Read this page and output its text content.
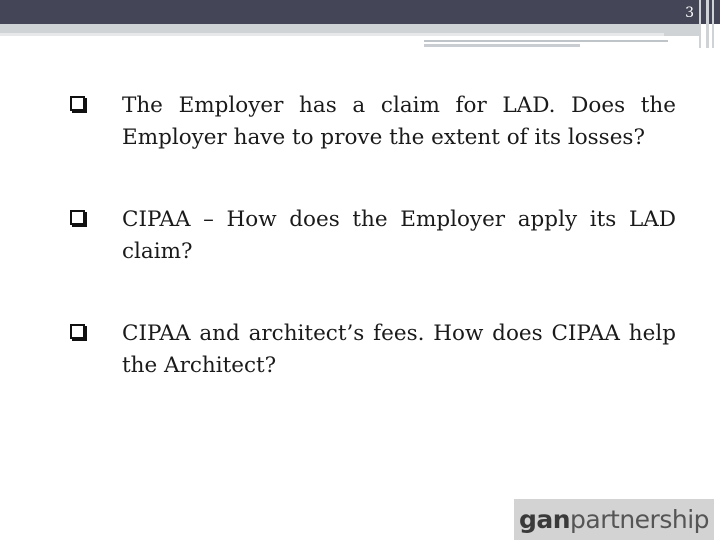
3
The Employer has a claim for LAD. Does the Employer have to prove the extent of its losses?
CIPAA – How does the Employer apply its LAD claim?
CIPAA and architect’s fees. How does CIPAA help the Architect?
gan partnership
